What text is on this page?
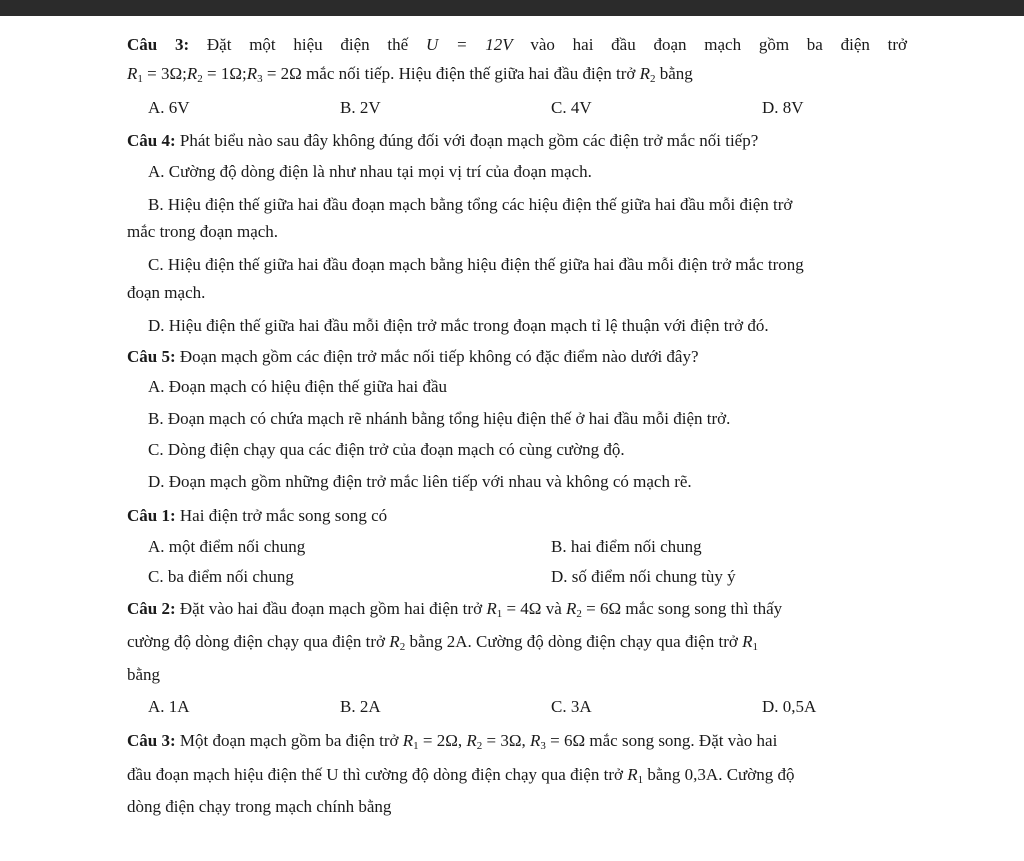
Câu 3: Đặt một hiệu điện thế U = 12V vào hai đầu đoạn mạch gồm ba điện trở
$R_1$ = $3\Omega;R_2$ = $1\Omega;R_3 = 2\Omega$ mắc nối tiếp. Hiệu điện thế giữa hai đầu điện trở $R_2$ bằng
A. 6V	B. 2V	C. 4V	D. 8V
Câu 4: Phát biểu nào sau đây không đúng đối với đoạn mạch gồm các điện trở mắc nối tiếp?
A. Cường độ dòng điện là như nhau tại mọi vị trí của đoạn mạch.
B. Hiệu điện thế giữa hai đầu đoạn mạch bằng tổng các hiệu điện thế giữa hai đầu mỗi điện trở
mắc trong đoạn mạch.
C. Hiệu điện thế giữa hai đầu đoạn mạch bằng hiệu điện thế giữa hai đầu mỗi điện trở mắc trong
đoạn mạch.
D. Hiệu điện thế giữa hai đầu mỗi điện trở mắc trong đoạn mạch tỉ lệ thuận với điện trở đó.
Câu 5: Đoạn mạch gồm các điện trở mắc nối tiếp không có đặc điểm nào dưới đây?
A. Đoạn mạch có hiệu điện thế giữa hai đầu
B. Đoạn mạch có chứa mạch rẽ nhánh bằng tổng hiệu điện thế ở hai đầu mỗi điện trở.
C. Dòng điện chạy qua các điện trở của đoạn mạch có cùng cường độ.
D. Đoạn mạch gồm những điện trở mắc liên tiếp với nhau và không có mạch rẽ.
Câu 1: Hai điện trở mắc song song có
A. một điểm nối chung	B. hai điểm nối chung
C. ba điểm nối chung	D. số điểm nối chung tùy ý
Câu 2: Đặt vào hai đầu đoạn mạch gồm hai điện trở $R_1 = 4\Omega$ và $R_2 = 6\Omega$ mắc song song thì thấy
cường độ dòng điện chạy qua điện trở $R_2$ bằng 2A. Cường độ dòng điện chạy qua điện trở $R_1$
bằng
A. 1A	B. 2A	C. 3A	D. 0,5A
Câu 3: Một đoạn mạch gồm ba điện trở $R_1 = 2\Omega$, $R_2 = 3\Omega$, $R_3 = 6\Omega$ mắc song song. Đặt vào hai
đầu đoạn mạch hiệu điện thế U thì cường độ dòng điện chạy qua điện trở $R_1$ bằng 0,3A. Cường độ
dòng điện chạy trong mạch chính bằng
